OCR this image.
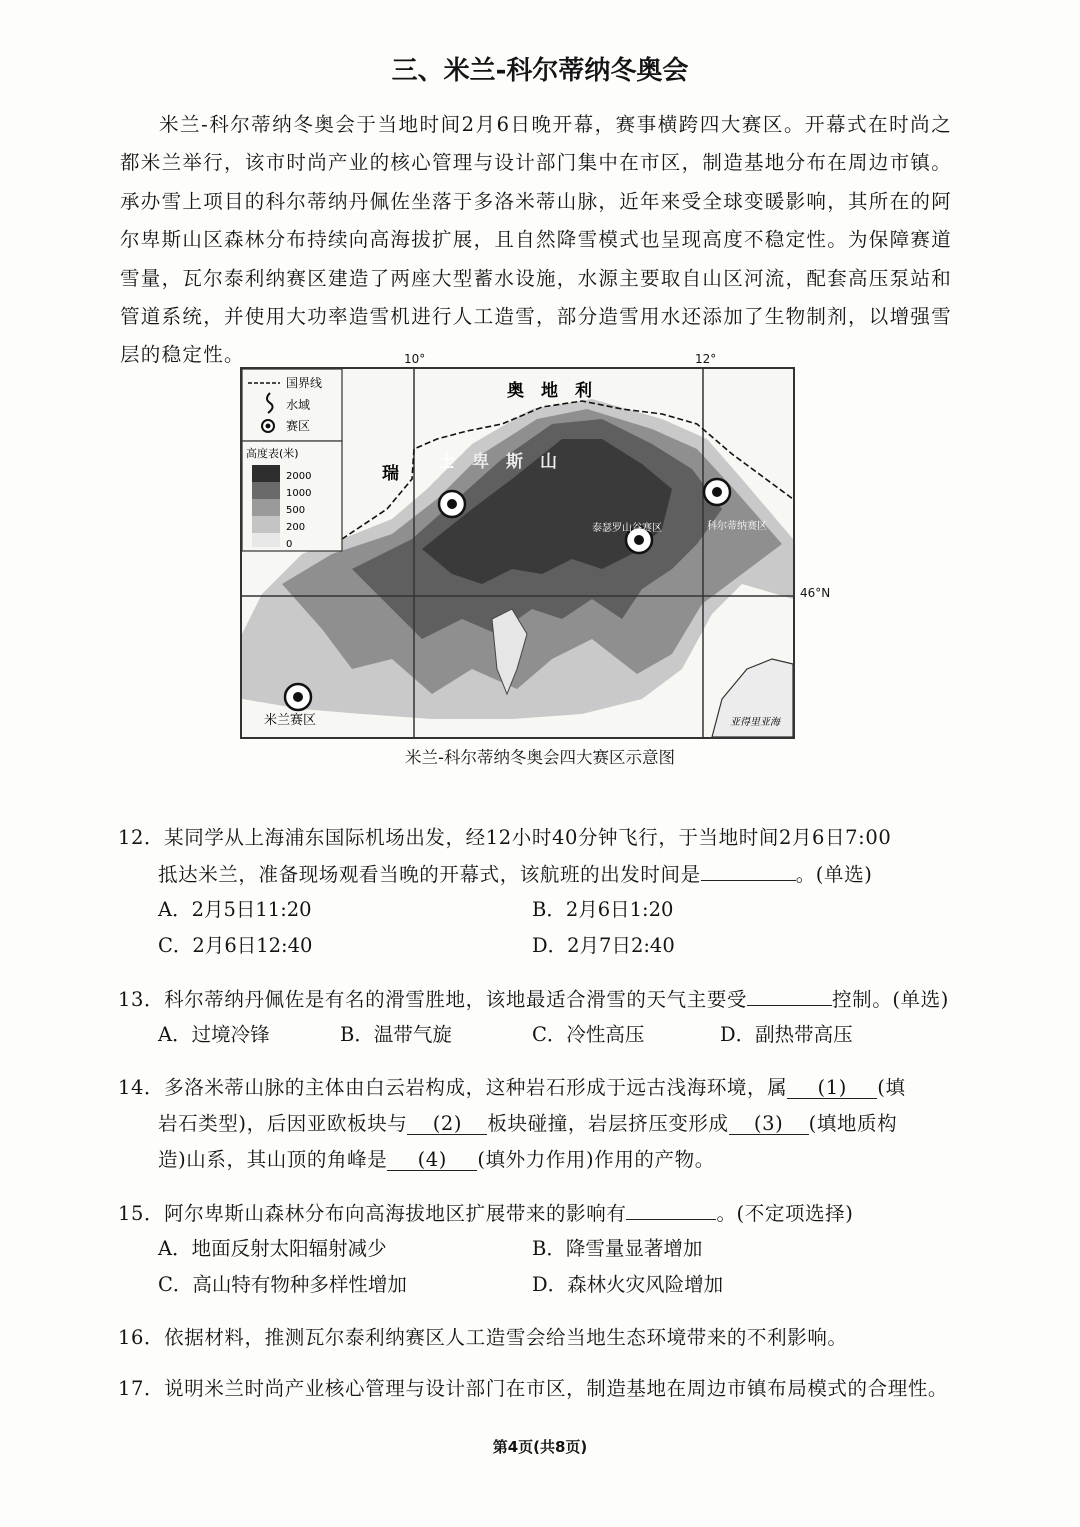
三、米兰-科尔蒂纳冬奥会
米兰-科尔蒂纳冬奥会于当地时间2月6日晚开幕，赛事横跨四大赛区。开幕式在时尚之都米兰举行，该市时尚产业的核心管理与设计部门集中在市区，制造基地分布在周边市镇。承办雪上项目的科尔蒂纳丹佩佐坐落于多洛米蒂山脉，近年来受全球变暖影响，其所在的阿尔卑斯山区森林分布持续向高海拔扩展，且自然降雪模式也呈现高度不稳定性。为保障赛道雪量，瓦尔泰利纳赛区建造了两座大型蓄水设施，水源主要取自山区河流，配套高压泵站和管道系统，并使用大功率造雪机进行人工造雪，部分造雪用水还添加了生物制剂，以增强雪层的稳定性。	10°	12°
46°N
国界线
水域
赛区
高度表(米)
2000
1000
500
200
0
奥　地　利
瑞
士 卑　斯　山
泰瑟罗山谷赛区	科尔蒂纳赛区
米兰赛区	亚得里亚海
米兰-科尔蒂纳冬奥会四大赛区示意图
12．某同学从上海浦东国际机场出发，经12小时40分钟飞行，于当地时间2月6日7:00
抵达米兰，准备现场观看当晚的开幕式，该航班的出发时间是	。(单选)
A．2月5日11:20	B．2月6日1:20
C．2月6日12:40	D．2月7日2:40
13．科尔蒂纳丹佩佐是有名的滑雪胜地，该地最适合滑雪的天气主要受	控制。(单选)
A．过境冷锋	B．温带气旋	C．冷性高压	D．副热带高压
14．多洛米蒂山脉的主体由白云岩构成，这种岩石形成于远古浅海环境，属 (1) (填
岩石类型)，后因亚欧板块与 (2) 板块碰撞，岩层挤压变形成 (3) (填地质构
造)山系，其山顶的角峰是 (4) (填外力作用)作用的产物。
15．阿尔卑斯山森林分布向高海拔地区扩展带来的影响有	。(不定项选择)
A．地面反射太阳辐射减少	B．降雪量显著增加
C．高山特有物种多样性增加	D．森林火灾风险增加
16．依据材料，推测瓦尔泰利纳赛区人工造雪会给当地生态环境带来的不利影响。
17．说明米兰时尚产业核心管理与设计部门在市区，制造基地在周边市镇布局模式的合理性。
第4页(共8页)
